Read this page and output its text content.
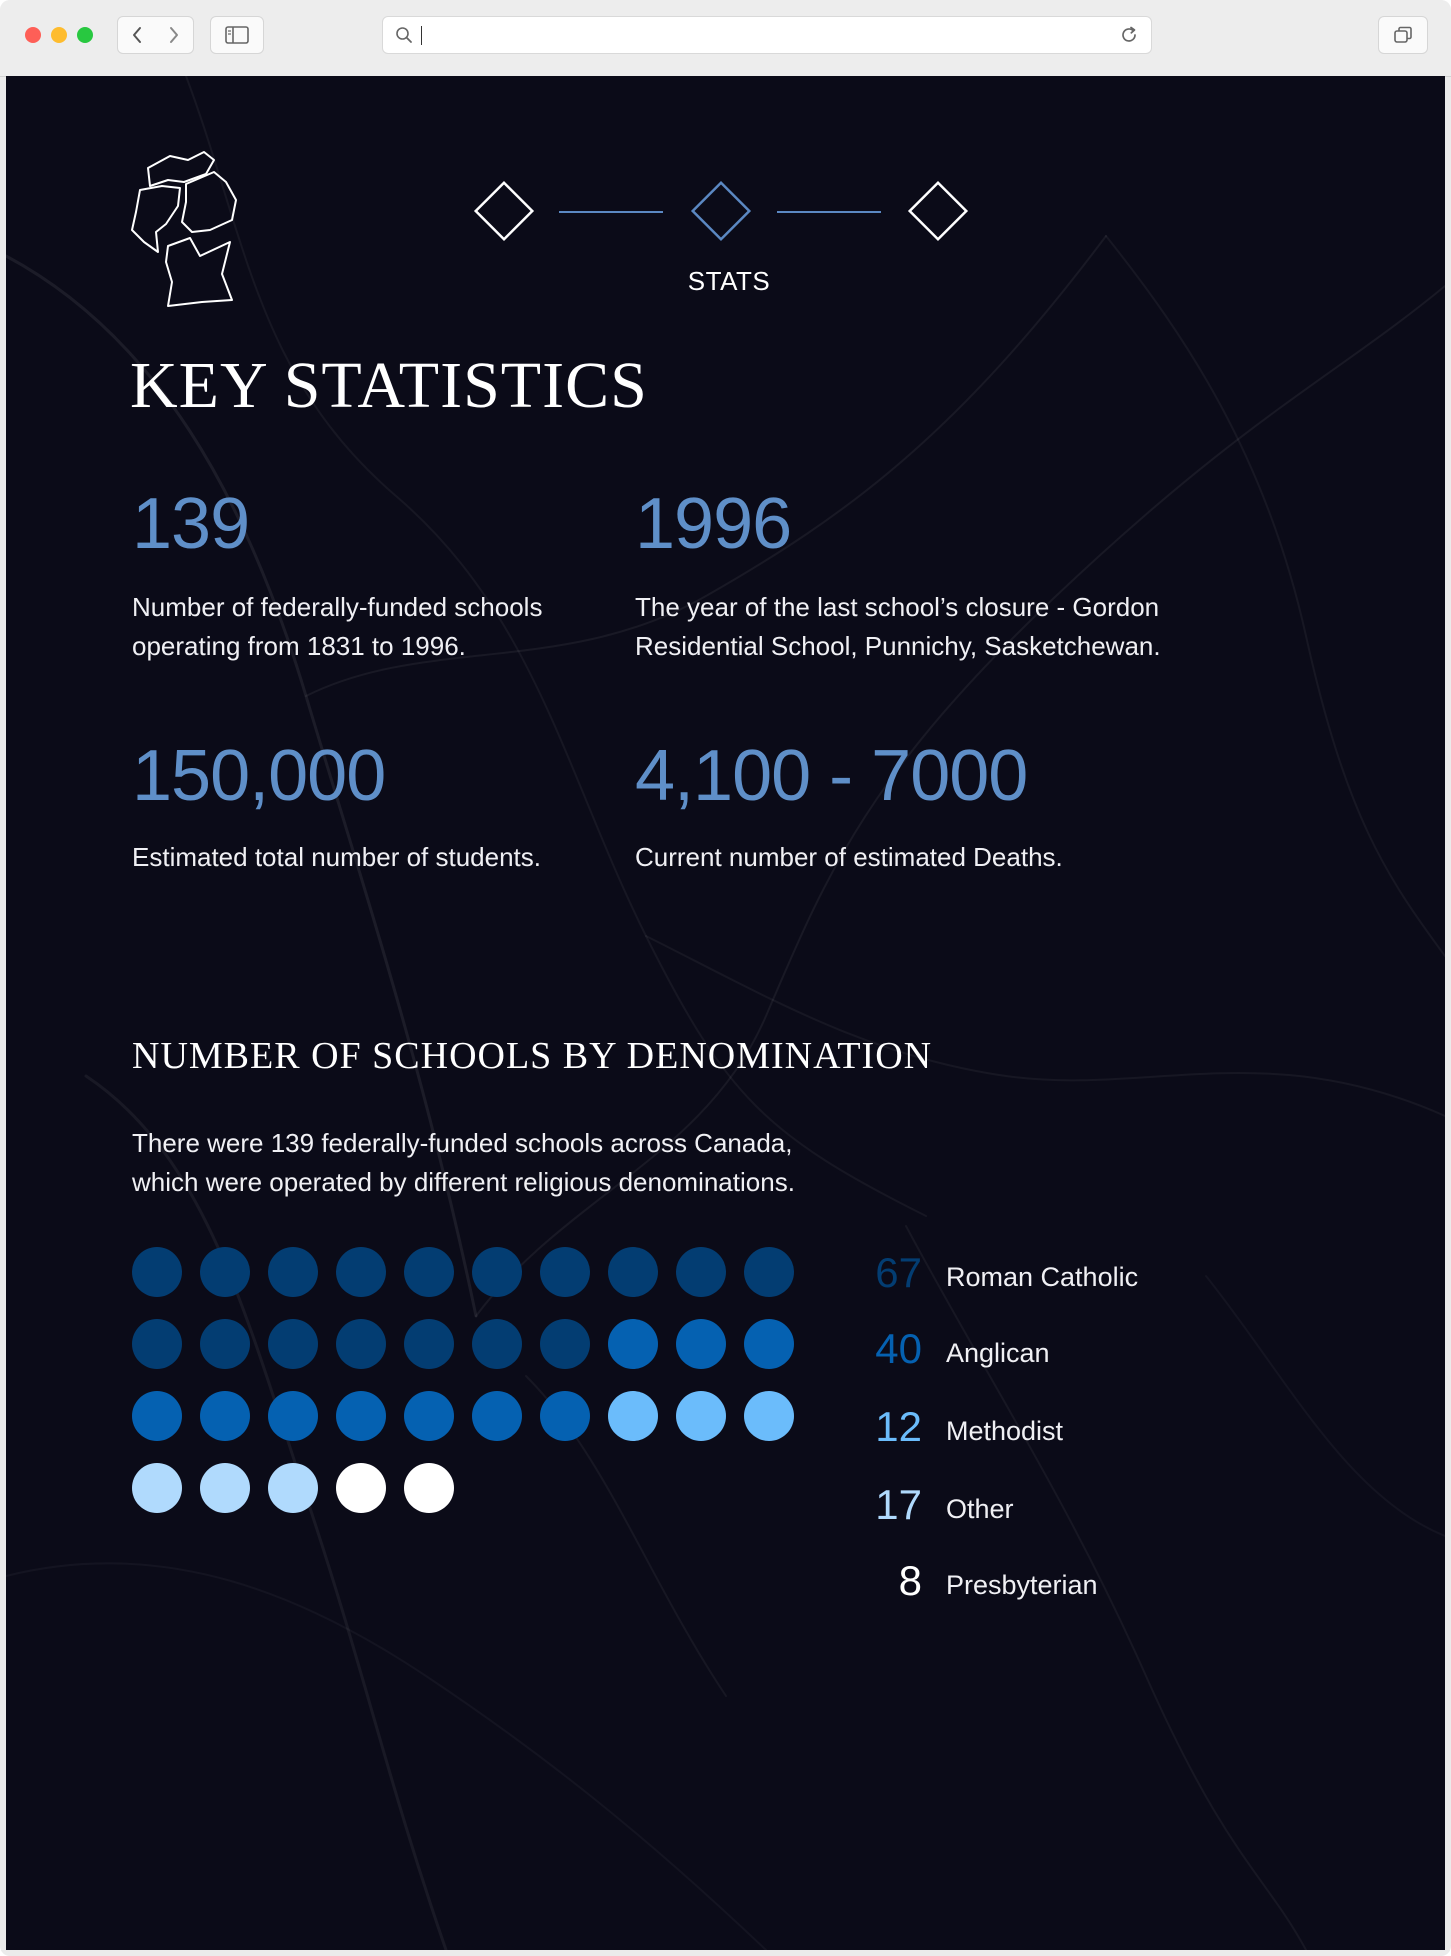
STATS
KEY STATISTICS
139
Number of federally-funded schools operating from 1831 to 1996.
1996
The year of the last school’s closure - Gordon Residential School, Punnichy, Sasketchewan.
150,000
Estimated total number of students.
4,100 - 7000
Current number of estimated Deaths.
NUMBER OF SCHOOLS BY DENOMINATION

There were 139 federally-funded schools across Canada, which were operated by different religious denominations.

67 Roman Catholic
40 Anglican
12 Methodist
17 Other
8 Presbyterian
